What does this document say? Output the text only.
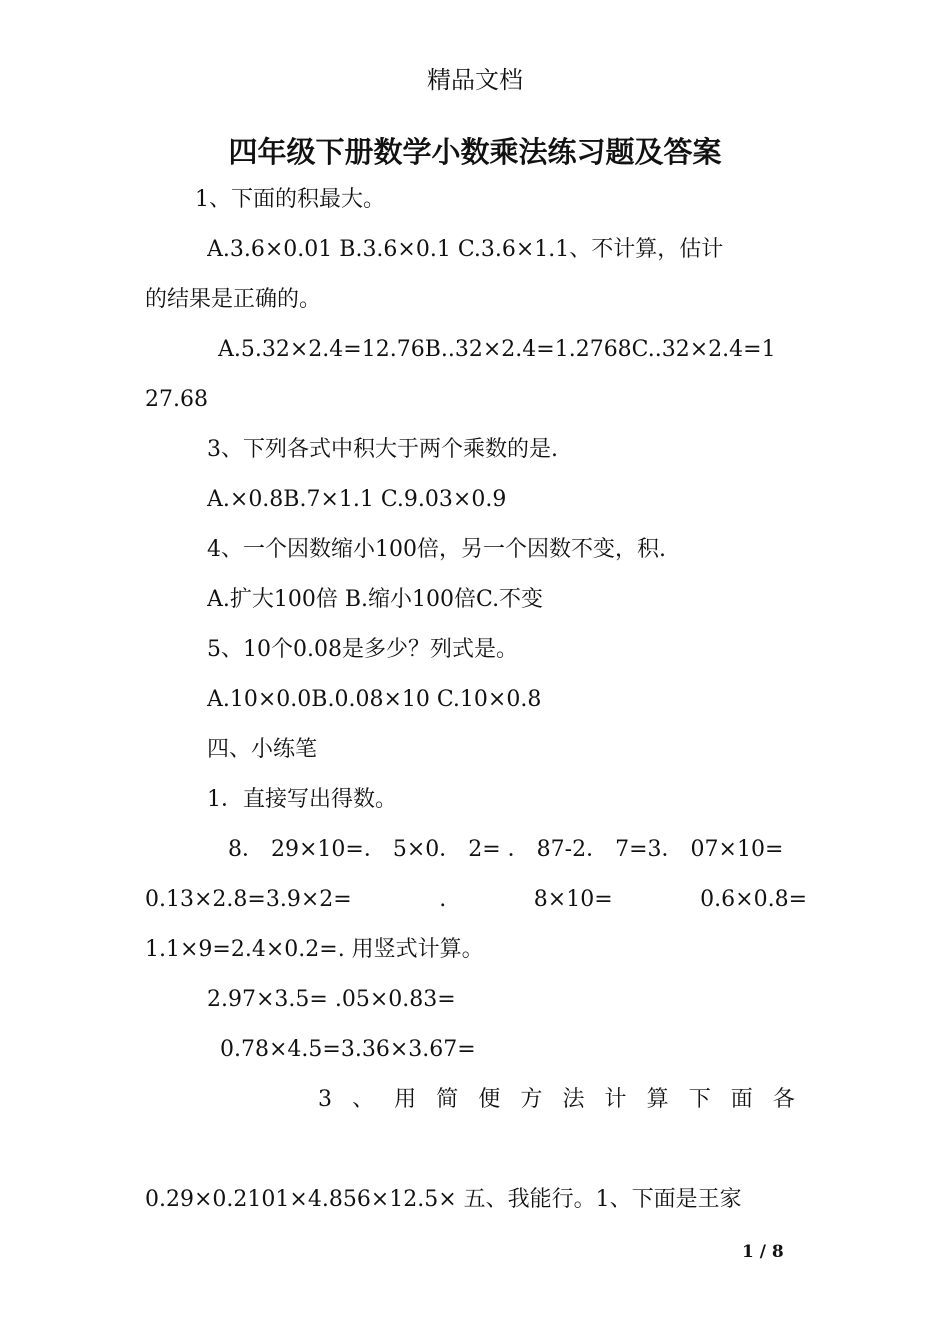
精品文档
四年级下册数学小数乘法练习题及答案
1、下面的积最大。
A.3.6×0.01 B.3.6×0.1 C.3.6×1.1、不计算，估计
的结果是正确的。
A.5.32×2.4=12.76B..32×2.4=1.2768C..32×2.4=1
27.68
3、下列各式中积大于两个乘数的是.
A.×0.8B.7×1.1 C.9.03×0.9
4、一个因数缩小100倍，另一个因数不变，积.
A.扩大100倍 B.缩小100倍C.不变
5、10个0.08是多少？列式是。
A.10×0.0B.0.08×10 C.10×0.8
四、小练笔
1．直接写出得数。
8． 29×10=． 5×0． 2= ． 87-2． 7=3． 07×10=
0.13×2.8=3.9×2=	.	8×10=	0.6×0.8=
1.1×9=2.4×0.2=. 用竖式计算。
2.97×3.5= .05×0.83=
0.78×4.5=3.36×3.67=
3 、 用 简 便 方 法 计 算 下 面 各
0.29×0.2101×4.856×12.5× 五、我能行。1、下面是王家
1 / 8
